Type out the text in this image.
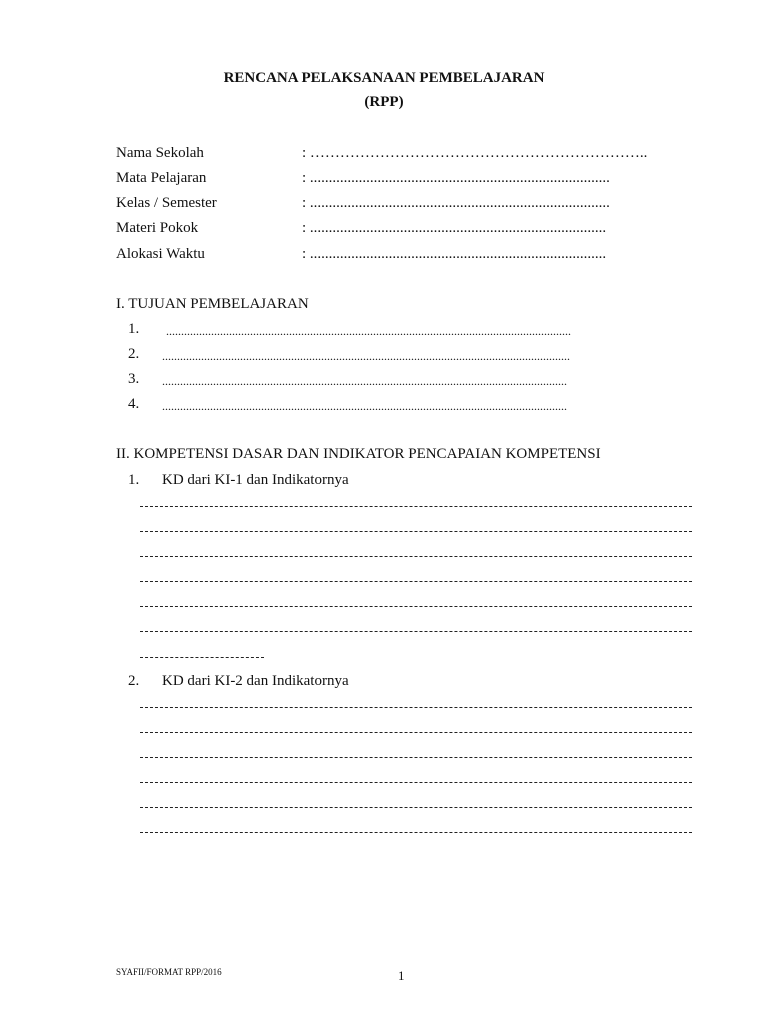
RENCANA PELAKSANAAN PEMBELAJARAN
(RPP)
Nama Sekolah	: …………………………………………………………..
Mata Pelajaran	: ................................................................................
Kelas / Semester	: ................................................................................
Materi Pokok	: ...............................................................................
Alokasi Waktu	: ...............................................................................
I. TUJUAN PEMBELAJARAN
1. .......................................................................................................................................
2. ........................................................................................................................................
3. .......................................................................................................................................
4. .......................................................................................................................................
II. KOMPETENSI DASAR DAN INDIKATOR PENCAPAIAN KOMPETENSI
1. KD dari KI-1 dan Indikatornya
2. KD dari KI-2 dan Indikatornya
SYAFII/FORMAT RPP/2016	1
